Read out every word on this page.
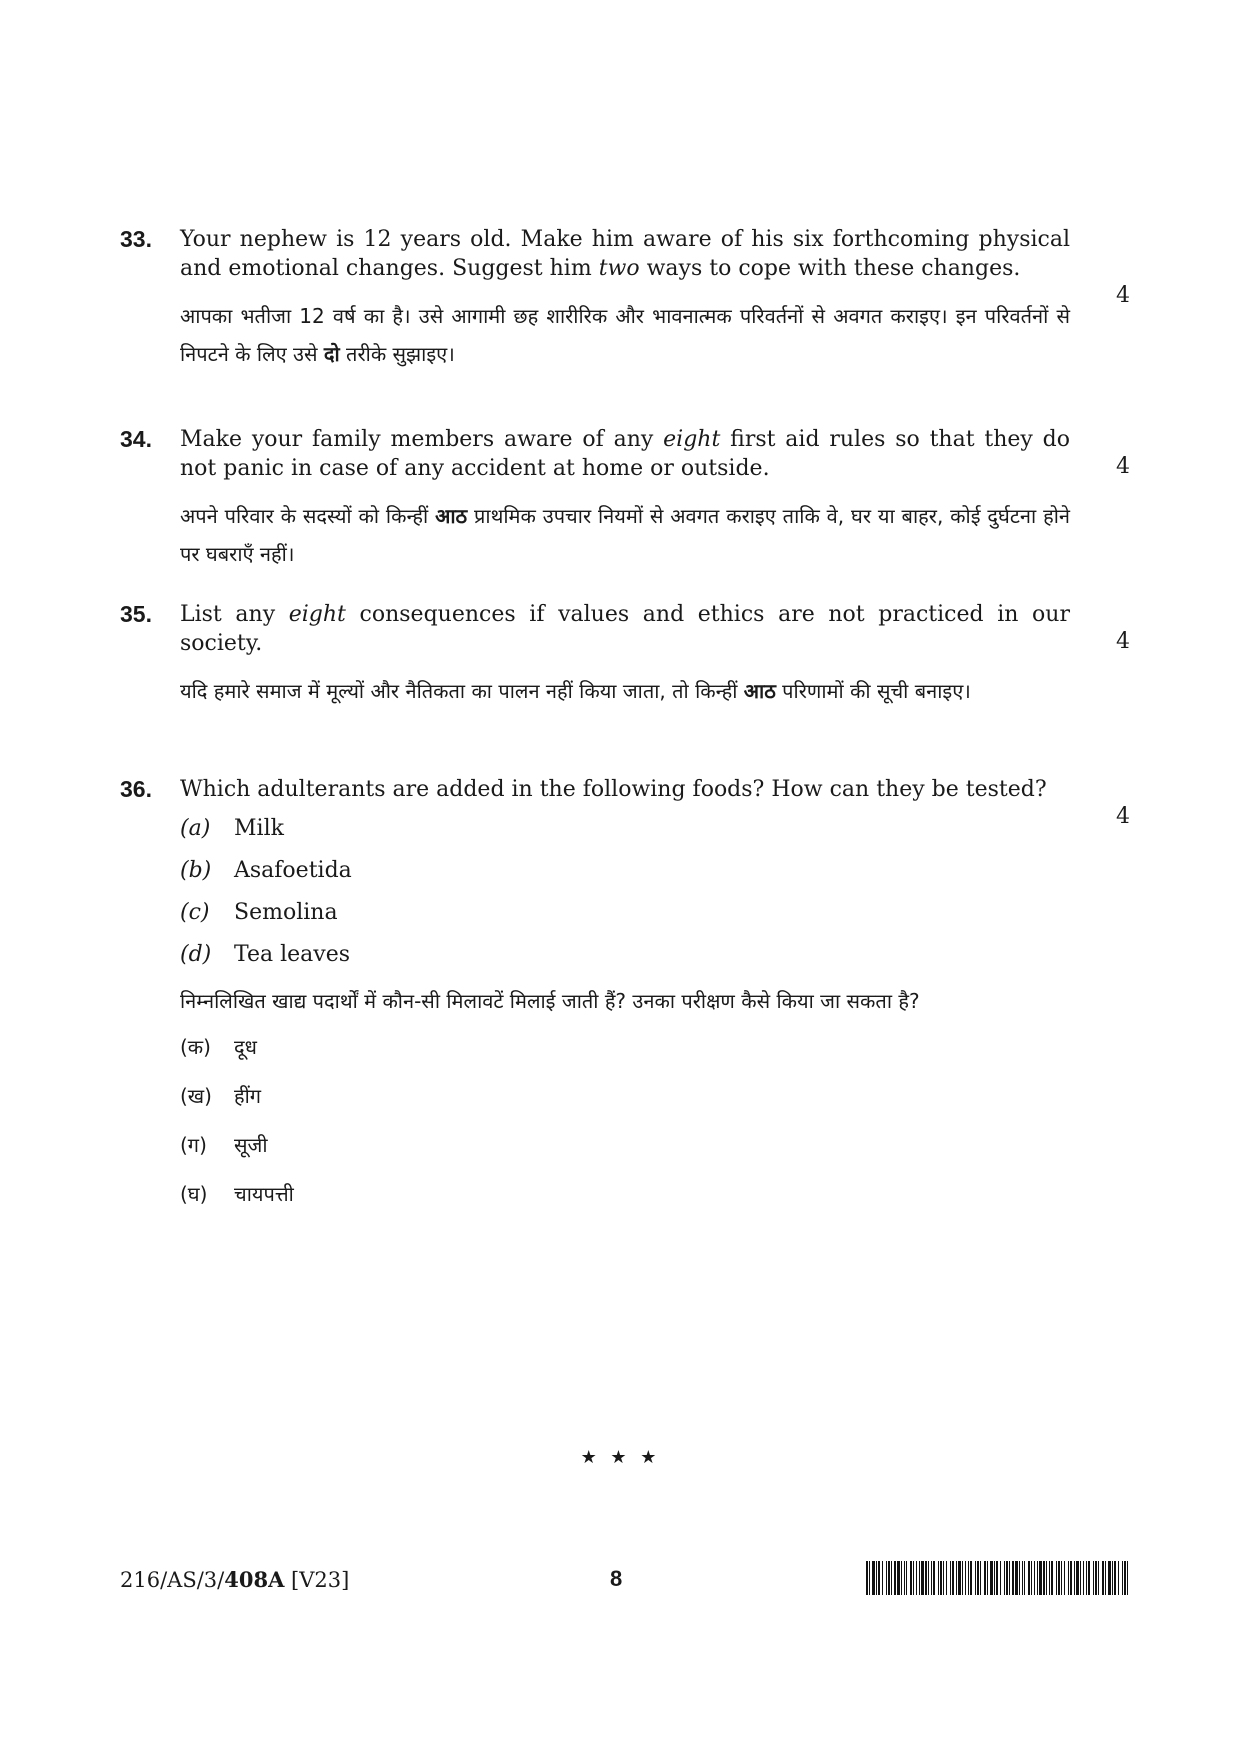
33. Your nephew is 12 years old. Make him aware of his six forthcoming physical and emotional changes. Suggest him two ways to cope with these changes.

आपका भतीजा 12 वर्ष का है। उसे आगामी छह शारीरिक और भावनात्मक परिवर्तनों से अवगत कराइए। इन परिवर्तनों से निपटने के लिए उसे दो तरीके सुझाइए।

4
34. Make your family members aware of any eight first aid rules so that they do not panic in case of any accident at home or outside.

अपने परिवार के सदस्यों को किन्हीं आठ प्राथमिक उपचार नियमों से अवगत कराइए ताकि वे, घर या बाहर, कोई दुर्घटना होने पर घबराएँ नहीं।

4
35. List any eight consequences if values and ethics are not practiced in our society.

यदि हमारे समाज में मूल्यों और नैतिकता का पालन नहीं किया जाता, तो किन्हीं आठ परिणामों की सूची बनाइए।

4
36. Which adulterants are added in the following foods? How can they be tested?

(a)	Milk
(b)	Asafoetida
(c)	Semolina
(d)	Tea leaves

निम्नलिखित खाद्य पदार्थों में कौन-सी मिलावटें मिलाई जाती हैं? उनका परीक्षण कैसे किया जा सकता है?

(क)	दूध
(ख)	हींग
(ग)	सूजी
(घ)	चायपत्ती
4
★ ★ ★
216/AS/3/408A [V23]	8
